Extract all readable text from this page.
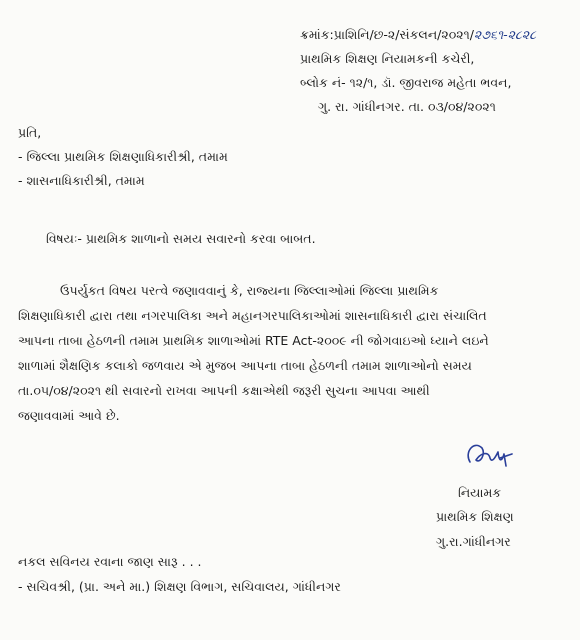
ક્રમાંક:પ્રાશિનિ/છ-૨/સંકલન/૨૦૨૧/૨૭૬૧-૨૮૨૮
પ્રાથમિક શિક્ષણ નિયામકની કચેરી,
બ્લોક નં- ૧૨/૧, ડૉ. જીવરાજ મહેતા ભવન,
ગુ. રા. ગાંધીનગર. તા. ૦૩/૦૪/૨૦૨૧
પ્રતિ,
- જિલ્લા પ્રાથમિક શિક્ષણાધિકારીશ્રી, તમામ
- શાસનાધિકારીશ્રી, તમામ
વિષયઃ- પ્રાથમિક શાળાનો સમય સવારનો કરવા બાબત.
ઉપર્યુકત વિષય પરત્વે જણાવવાનું કે, રાજ્યના જિલ્લાઓમાં જિલ્લા પ્રાથમિક
શિક્ષણાધિકારી દ્વારા તથા નગરપાલિકા અને મહાનગરપાલિકાઓમાં શાસનાધિકારી દ્વારા સંચાલિત
આપના તાબા હેઠળની તમામ પ્રાથમિક શાળાઓમાં RTE Act-૨૦૦૯ ની જોગવાઇઓ ધ્યાને લઇને
શાળામાં શૈક્ષણિક કલાકો જળવાય એ મુજબ આપના તાબા હેઠળની તમામ શાળાઓનો સમય
તા.૦૫/૦૪/૨૦૨૧ થી સવારનો રાખવા આપની કક્ષાએથી જરૂરી સુચના આપવા આથી
જણાવવામાં આવે છે.
નિયામક
પ્રાથમિક શિક્ષણ
ગુ.રા.ગાંધીનગર
નકલ સવિનય રવાના જાણ સારૂ . . .
- સચિવશ્રી, (પ્રા. અને મા.) શિક્ષણ વિભાગ, સચિવાલય, ગાંધીનગર
